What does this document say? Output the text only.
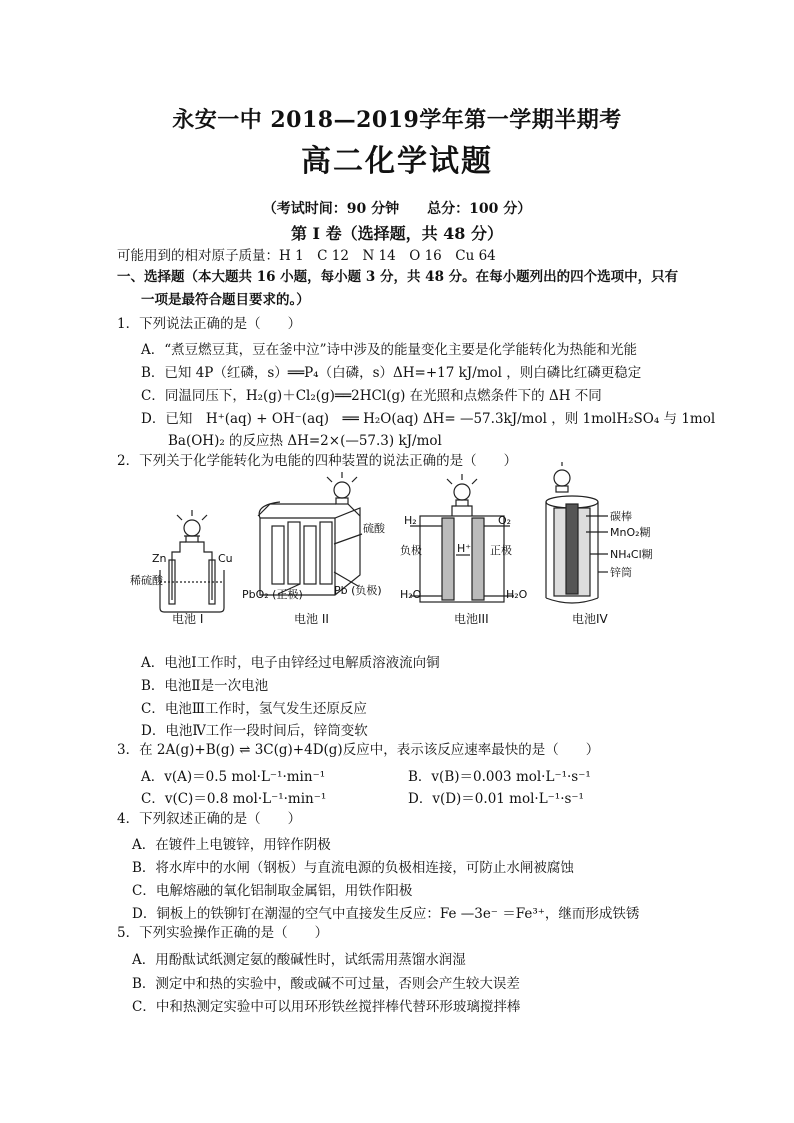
永安一中 2018—2019学年第一学期半期考
高二化学试题
（考试时间：90 分钟　　总分：100 分）
第 I 卷（选择题，共 48 分）
可能用到的相对原子质量：H 1　C 12　N 14　O 16　Cu 64
一、选择题（本大题共 16 小题，每小题 3 分，共 48 分。在每小题列出的四个选项中，只有
一项是最符合题目要求的。）
1．下列说法正确的是（　　）
A．“煮豆燃豆萁，豆在釜中泣”诗中涉及的能量变化主要是化学能转化为热能和光能
B．已知 4P（红磷，s）══P₄（白磷，s）ΔH=+17 kJ/mol ，则白磷比红磷更稳定
C．同温同压下，H₂(g)＋Cl₂(g)══2HCl(g) 在光照和点燃条件下的 ΔH 不同
D．已知　H⁺(aq) + OH⁻(aq)　══ H₂O(aq) ΔH= —57.3kJ/mol ，则 1molH₂SO₄ 与 1mol
Ba(OH)₂ 的反应热 ΔH=2×(—57.3) kJ/mol
2．下列关于化学能转化为电能的四种装置的说法正确的是（　　）
Zn	Cu
稀硫酸
电池 I
硫酸
Pb (负极)
PbO₂ (正极)
电池 II
H₂	O₂
负极	正极
H⁺
H₂O	H₂O
电池III
碳棒
MnO₂糊
NH₄Cl糊
锌筒
电池IV
A．电池Ⅰ工作时，电子由锌经过电解质溶液流向铜
B．电池Ⅱ是一次电池
C．电池Ⅲ工作时，氢气发生还原反应
D．电池Ⅳ工作一段时间后，锌筒变软
3．在 2A(g)+B(g) ⇌ 3C(g)+4D(g)反应中，表示该反应速率最快的是（　　）
A．v(A)＝0.5 mol·L⁻¹·min⁻¹	B．v(B)＝0.003 mol·L⁻¹·s⁻¹
C．v(C)＝0.8 mol·L⁻¹·min⁻¹	D．v(D)＝0.01 mol·L⁻¹·s⁻¹
4．下列叙述正确的是（　　）
A．在镀件上电镀锌，用锌作阴极
B．将水库中的水闸（钢板）与直流电源的负极相连接，可防止水闸被腐蚀
C．电解熔融的氧化铝制取金属铝，用铁作阳极
D．铜板上的铁铆钉在潮湿的空气中直接发生反应：Fe —3e⁻ ＝Fe³⁺，继而形成铁锈
5．下列实验操作正确的是（　　）
A．用酚酞试纸测定氨的酸碱性时，试纸需用蒸馏水润湿
B．测定中和热的实验中，酸或碱不可过量，否则会产生较大误差
C．中和热测定实验中可以用环形铁丝搅拌棒代替环形玻璃搅拌棒
